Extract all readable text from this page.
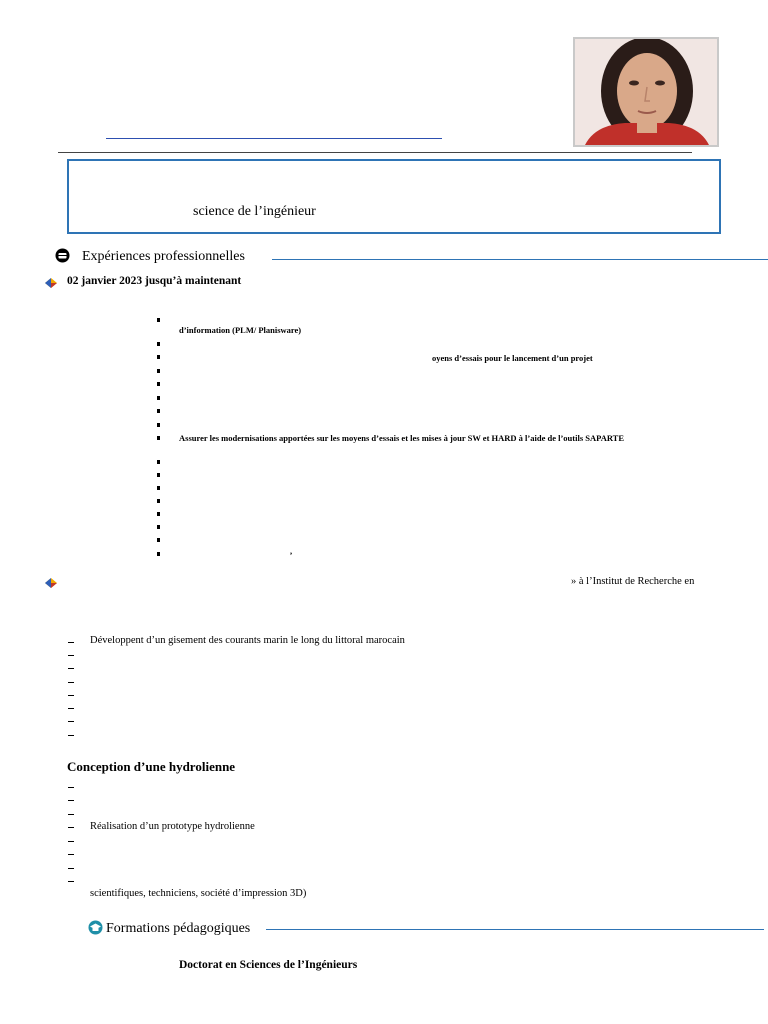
science de l’ingénieur
Expériences professionnelles
02 janvier 2023 jusqu’à maintenant
d’information (PLM/ Planisware)
oyens d’essais pour le lancement d’un projet
Assurer les modernisations apportées sur les moyens d’essais et les mises à jour SW et HARD à l’aide de l’outils SAPARTE
,
» à l’Institut de Recherche en
Développent d’un gisement des courants marin le long du littoral marocain
Conception d’une hydrolienne
Réalisation d’un prototype hydrolienne
scientifiques, techniciens, société d’impression 3D)
Formations pédagogiques
Doctorat en Sciences de l’Ingénieurs
